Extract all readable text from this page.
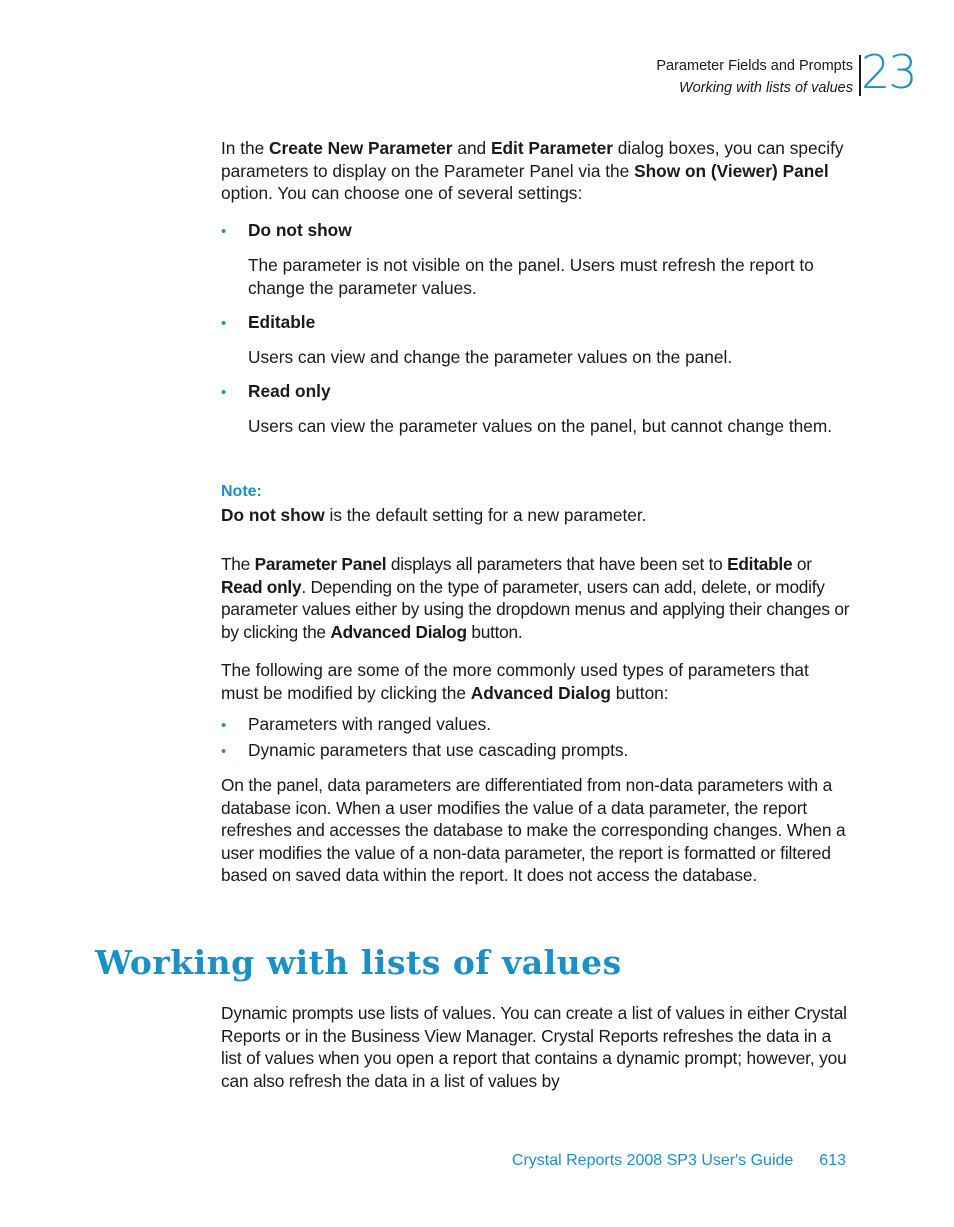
Parameter Fields and Prompts
Working with lists of values 23

In the Create New Parameter and Edit Parameter dialog boxes, you can specify parameters to display on the Parameter Panel via the Show on (Viewer) Panel option. You can choose one of several settings:

• Do not show

The parameter is not visible on the panel. Users must refresh the report to change the parameter values.

• Editable

Users can view and change the parameter values on the panel.

• Read only

Users can view the parameter values on the panel, but cannot change them.

Note:

Do not show is the default setting for a new parameter.

The Parameter Panel displays all parameters that have been set to Editable or Read only. Depending on the type of parameter, users can add, delete, or modify parameter values either by using the dropdown menus and applying their changes or by clicking the Advanced Dialog button.

The following are some of the more commonly used types of parameters that must be modified by clicking the Advanced Dialog button:

• Parameters with ranged values.
• Dynamic parameters that use cascading prompts.

On the panel, data parameters are differentiated from non-data parameters with a database icon. When a user modifies the value of a data parameter, the report refreshes and accesses the database to make the corresponding changes. When a user modifies the value of a non-data parameter, the report is formatted or filtered based on saved data within the report. It does not access the database.

Working with lists of values

Dynamic prompts use lists of values. You can create a list of values in either Crystal Reports or in the Business View Manager. Crystal Reports refreshes the data in a list of values when you open a report that contains a dynamic prompt; however, you can also refresh the data in a list of values by

Crystal Reports 2008 SP3 User's Guide 613
